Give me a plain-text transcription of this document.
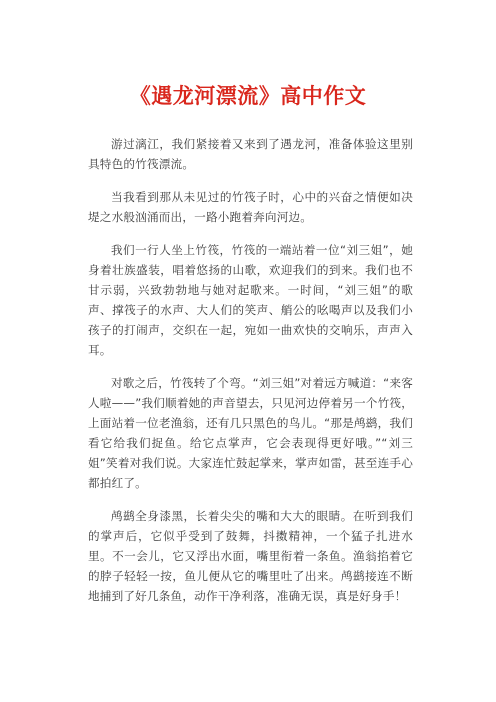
《遇龙河漂流》高中作文

游过漓江，我们紧接着又来到了遇龙河，准备体验这里别具特色的竹筏漂流。

当我看到那从未见过的竹筏子时，心中的兴奋之情便如决堤之水般汹涌而出，一路小跑着奔向河边。

我们一行人坐上竹筏，竹筏的一端站着一位“刘三姐”，她身着壮族盛装，唱着悠扬的山歌，欢迎我们的到来。我们也不甘示弱，兴致勃勃地与她对起歌来。一时间，“刘三姐”的歌声、撑筏子的水声、大人们的笑声、艄公的吆喝声以及我们小孩子的打闹声，交织在一起，宛如一曲欢快的交响乐，声声入耳。

对歌之后，竹筏转了个弯。“刘三姐”对着远方喊道：“来客人啦——”我们顺着她的声音望去，只见河边停着另一个竹筏，上面站着一位老渔翁，还有几只黑色的鸟儿。“那是鸬鹚，我们看它给我们捉鱼。给它点掌声，它会表现得更好哦。”“刘三姐”笑着对我们说。大家连忙鼓起掌来，掌声如雷，甚至连手心都拍红了。

鸬鹚全身漆黑，长着尖尖的嘴和大大的眼睛。在听到我们的掌声后，它似乎受到了鼓舞，抖擞精神，一个猛子扎进水里。不一会儿，它又浮出水面，嘴里衔着一条鱼。渔翁掐着它的脖子轻轻一按，鱼儿便从它的嘴里吐了出来。鸬鹚接连不断地捕到了好几条鱼，动作干净利落，准确无误，真是好身手！
